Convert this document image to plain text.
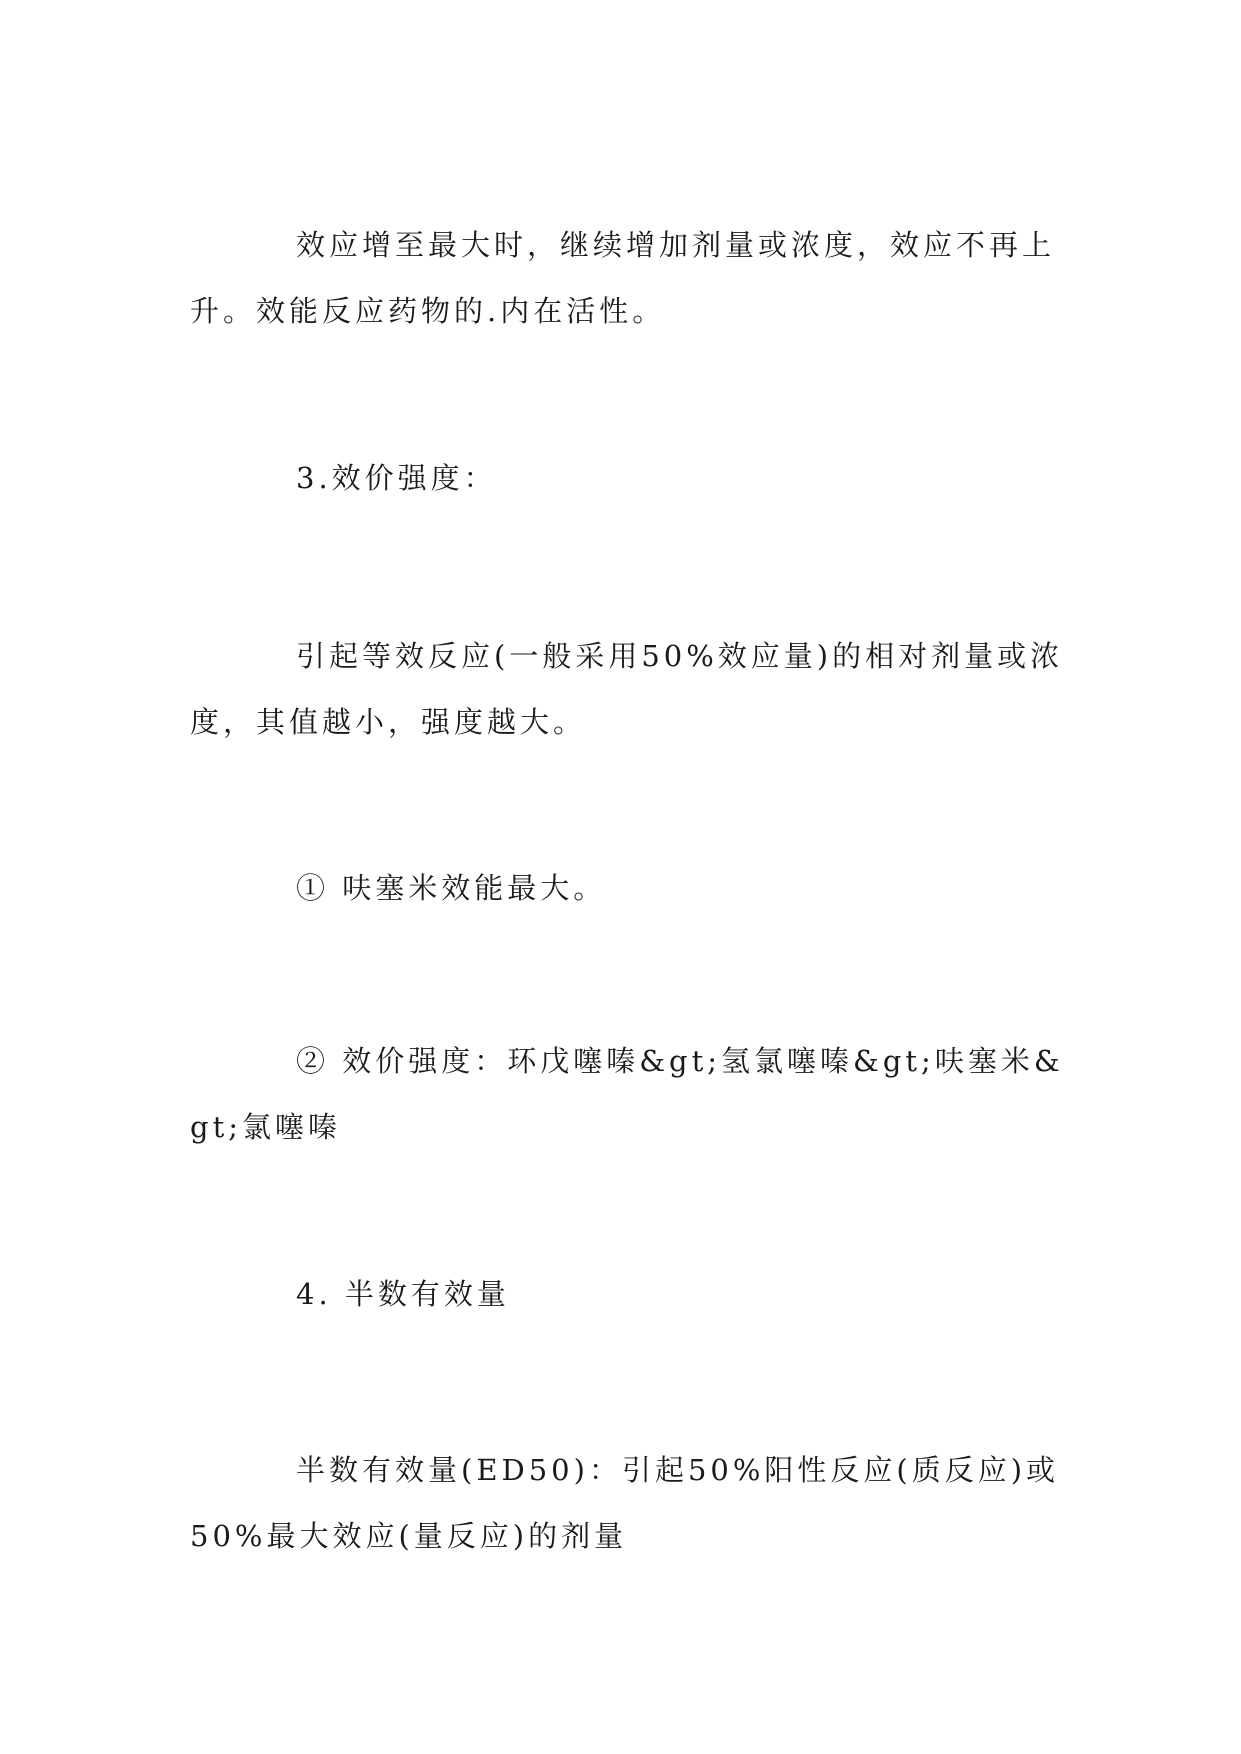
效应增至最大时，继续增加剂量或浓度，效应不再上升。效能反应药物的.内在活性。

3.效价强度：

引起等效反应(一般采用50%效应量)的相对剂量或浓度，其值越小，强度越大。

① 呋塞米效能最大。

② 效价强度：环戊噻嗪&gt;氢氯噻嗪&gt;呋塞米&gt;氯噻嗪

4. 半数有效量

半数有效量(ED50)：引起50%阳性反应(质反应)或50%最大效应(量反应)的剂量
